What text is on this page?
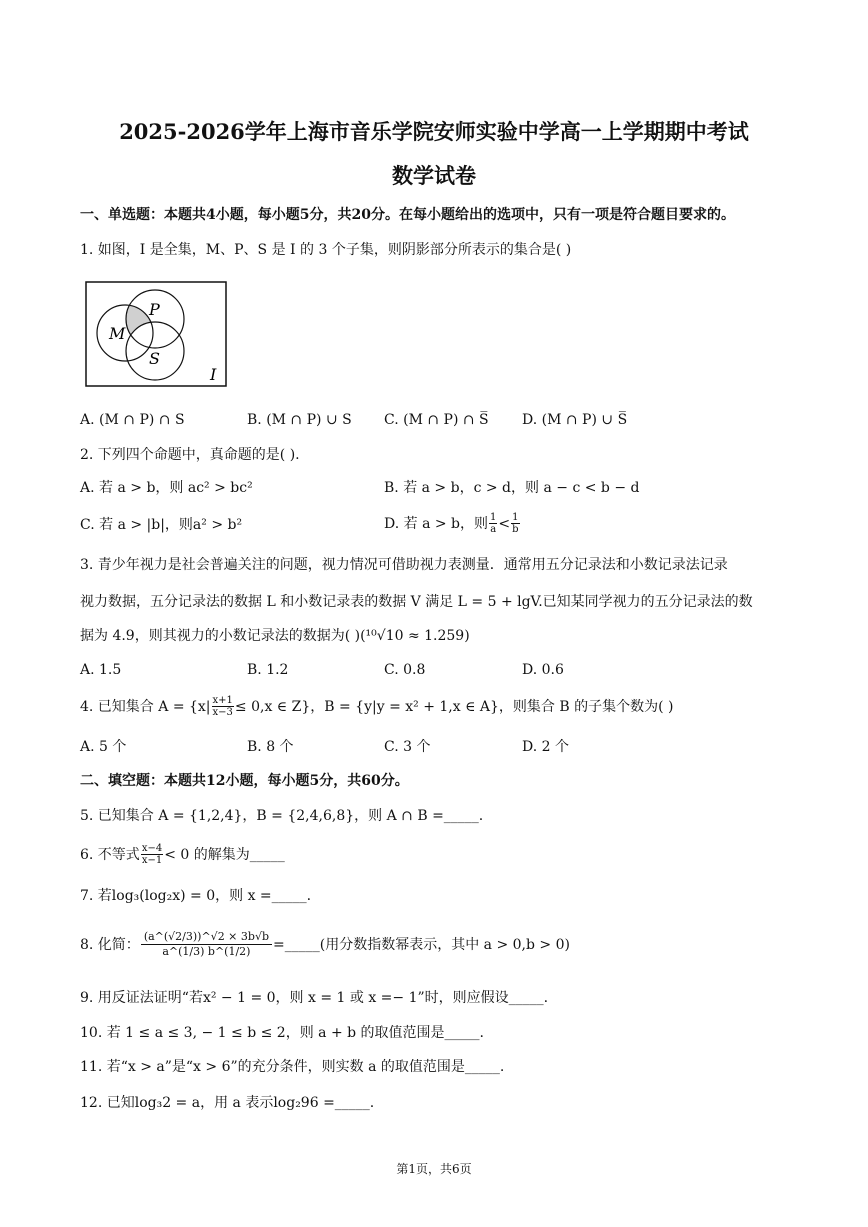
2025-2026学年上海市音乐学院安师实验中学高一上学期期中考试
数学试卷
一、单选题：本题共4小题，每小题5分，共20分。在每小题给出的选项中，只有一项是符合题目要求的。
1. 如图，I 是全集，M、P、S 是 I 的 3 个子集，则阴影部分所表示的集合是( )
M
P
S
I
A. (M ∩ P) ∩ S	B. (M ∩ P) ∪ S C. (M ∩ P) ∩ S̅ D. (M ∩ P) ∪ S̅
2. 下列四个命题中，真命题的是( ).
A. 若 a > b，则 ac² > bc²	B. 若 a > b，c > d，则 a − c < b − d
C. 若 a > |b|，则a² > b²	D. 若 a > b，则 $\frac{1}{a} < \frac{1}{b}$
3. 青少年视力是社会普遍关注的问题，视力情况可借助视力表测量．通常用五分记录法和小数记录法记录
视力数据，五分记录法的数据 L 和小数记录表的数据 V 满足 L = 5 + lgV.已知某同学视力的五分记录法的数
据为 4.9，则其视力的小数记录法的数据为( )(¹⁰√10 ≈ 1.259)
A. 1.5	B. 1.2	C. 0.8	D. 0.6
4. 已知集合 $A = \{x| \frac{x+1}{x-3} \le 0,x$ ∈ Z}，B = {y|y = x² + 1,x ∈ A}，则集合 B 的子集个数为( )
A. 5 个	B. 8 个	C. 3 个	D. 2 个
二、填空题：本题共12小题，每小题5分，共60分。
5. 已知集合 A = {1,2,4}，B = {2,4,6,8}，则 A ∩ B =_____.
6. 不等式 $\frac{x-4}{x-1} < 0$ 的解集为_____
7. 若log₃(log₂x) = 0，则 x =_____.
8. 化简： $\frac{(a\^{}(√2/3))\^{}√2 \times 3b√b}{a\^{}(1/3) b\^{}(1/2)}$ =_____(用分数指数幂表示，其中 a > 0,b > 0)
9. 用反证法证明“若x² − 1 = 0，则 x = 1 或 x =− 1”时，则应假设_____.
10. 若 1 ≤ a ≤ 3, − 1 ≤ b ≤ 2，则 a + b 的取值范围是_____.
11. 若“x > a”是“x > 6”的充分条件，则实数 a 的取值范围是_____.
12. 已知log₃2 = a，用 a 表示log₂96 =_____.
第1页，共6页
